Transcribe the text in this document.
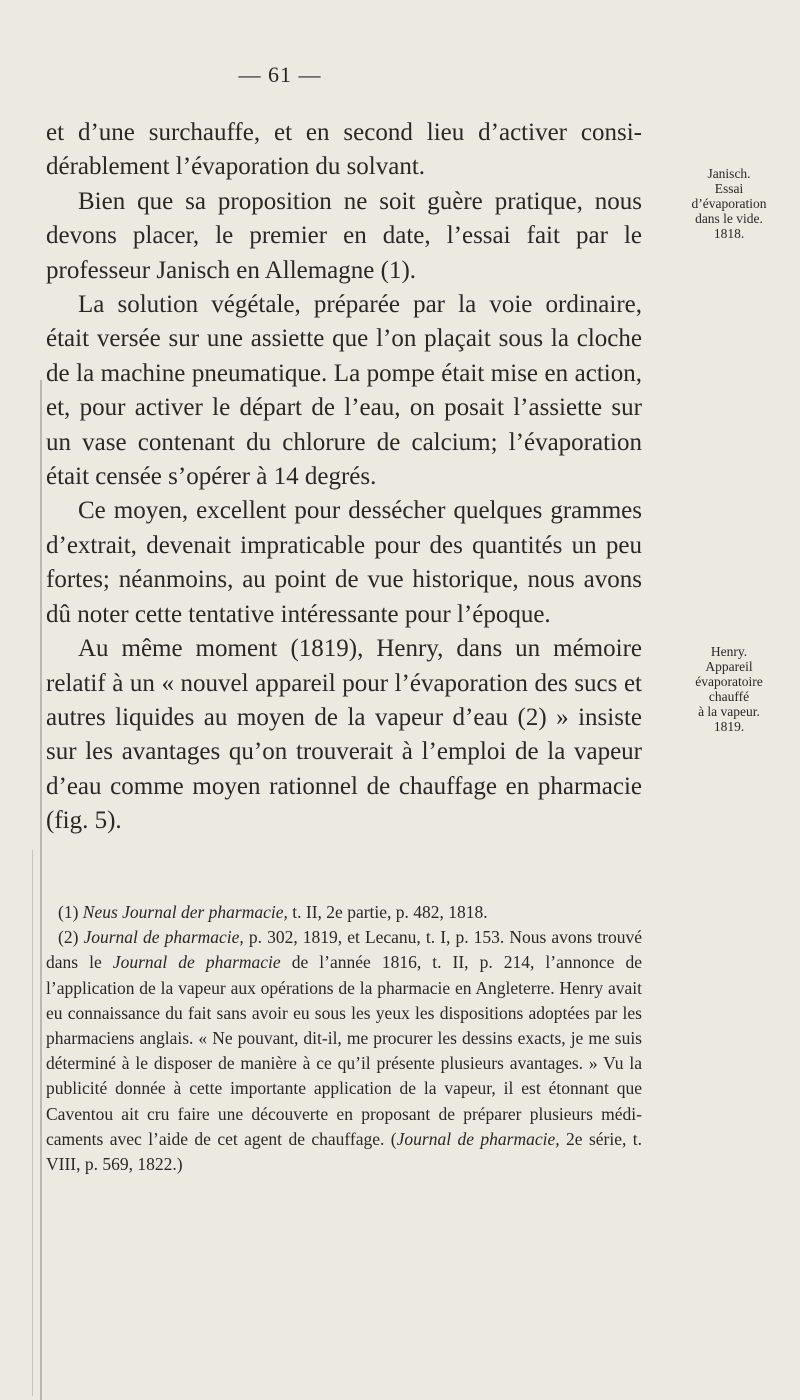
— 61 —

et d’une surchauffe, et en second lieu d’activer considérablement l’évaporation du solvant.

Bien que sa proposition ne soit guère pratique, nous devons placer, le premier en date, l’essai fait par le professeur Janisch en Allemagne (1).

La solution végétale, préparée par la voie ordinaire, était versée sur une assiette que l’on plaçait sous la cloche de la machine pneumatique. La pompe était mise en action, et, pour activer le départ de l’eau, on posait l’assiette sur un vase contenant du chlorure de calcium; l’évaporation était censée s’opérer à 14 degrés.

Ce moyen, excellent pour dessécher quelques grammes d’extrait, devenait impraticable pour des quantités un peu fortes; néanmoins, au point de vue historique, nous avons dû noter cette tentative intéressante pour l’époque.

Au même moment (1819), Henry, dans un mémoire relatif à un « nouvel appareil pour l’évaporation des sucs et autres liquides au moyen de la vapeur d’eau (2) » insiste sur les avantages qu’on trouverait à l’emploi de la vapeur d’eau comme moyen rationnel de chauffage en pharmacie (fig. 5).

Janisch.
Essai
d’évaporation
dans le vide.
1818.
Henry.
Appareil
évaporatoire
chauffé
à la vapeur.
1819.

(1) Neus Journal der pharmacie, t. II, 2e partie, p. 482, 1818.

(2) Journal de pharmacie, p. 302, 1819, et Lecanu, t. I, p. 153. Nous avons trouvé dans le Journal de pharmacie de l’année 1816, t. II, p. 214, l’annonce de l’application de la vapeur aux opérations de la pharmacie en Angleterre. Henry avait eu connaissance du fait sans avoir eu sous les yeux les dispositions adoptées par les pharmaciens anglais. « Ne pouvant, dit-il, me procurer les dessins exacts, je me suis déterminé à le disposer de manière à ce qu’il présente plusieurs avantages. » Vu la publicité donnée à cette importante application de la vapeur, il est étonnant que Caventou ait cru faire une découverte en proposant de préparer plusieurs médicaments avec l’aide de cet agent de chauffage. (Journal de pharmacie, 2e série, t. VIII, p. 569, 1822.)
